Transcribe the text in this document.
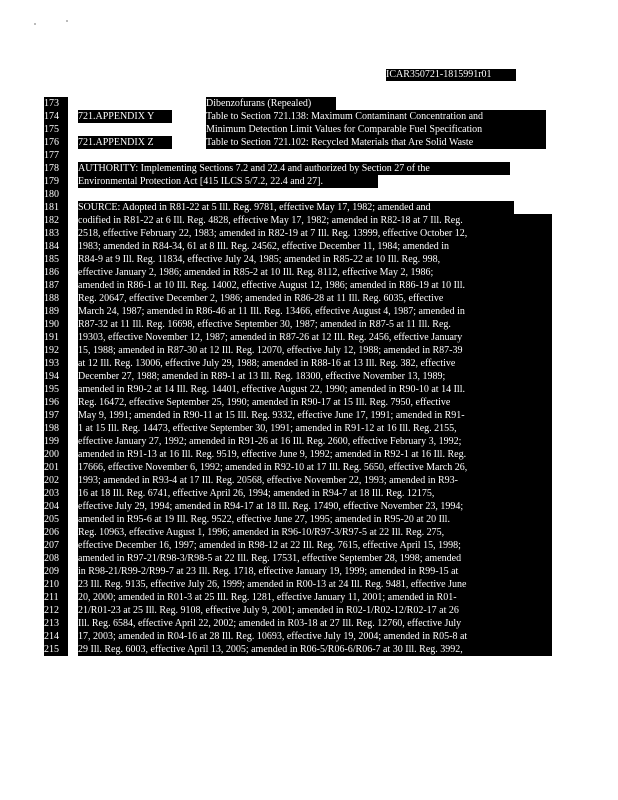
ICAR350721-1815991r01
173	Dibenzofurans (Repealed)
174	721.APPENDIX Y	Table to Section 721.138: Maximum Contaminant Concentration and
175	Minimum Detection Limit Values for Comparable Fuel Specification
176	721.APPENDIX Z	Table to Section 721.102: Recycled Materials that Are Solid Waste
177
180
178	AUTHORITY: Implementing Sections 7.2 and 22.4 and authorized by Section 27 of the
179	Environmental Protection Act [415 ILCS 5/7.2, 22.4 and 27].
181	SOURCE: Adopted in R81-22 at 5 Ill. Reg. 9781, effective May 17, 1982; amended and
182	codified in R81-22 at 6 Ill. Reg. 4828, effective May 17, 1982; amended in R82-18 at 7 Ill. Reg.
183	2518, effective February 22, 1983; amended in R82-19 at 7 Ill. Reg. 13999, effective October 12,
184	1983; amended in R84-34, 61 at 8 Ill. Reg. 24562, effective December 11, 1984; amended in
185	R84-9 at 9 Ill. Reg. 11834, effective July 24, 1985; amended in R85-22 at 10 Ill. Reg. 998,
186	effective January 2, 1986; amended in R85-2 at 10 Ill. Reg. 8112, effective May 2, 1986;
187	amended in R86-1 at 10 Ill. Reg. 14002, effective August 12, 1986; amended in R86-19 at 10 Ill.
188	Reg. 20647, effective December 2, 1986; amended in R86-28 at 11 Ill. Reg. 6035, effective
189	March 24, 1987; amended in R86-46 at 11 Ill. Reg. 13466, effective August 4, 1987; amended in
190	R87-32 at 11 Ill. Reg. 16698, effective September 30, 1987; amended in R87-5 at 11 Ill. Reg.
191	19303, effective November 12, 1987; amended in R87-26 at 12 Ill. Reg. 2456, effective January
192	15, 1988; amended in R87-30 at 12 Ill. Reg. 12070, effective July 12, 1988; amended in R87-39
193	at 12 Ill. Reg. 13006, effective July 29, 1988; amended in R88-16 at 13 Ill. Reg. 382, effective
194	December 27, 1988; amended in R89-1 at 13 Ill. Reg. 18300, effective November 13, 1989;
195	amended in R90-2 at 14 Ill. Reg. 14401, effective August 22, 1990; amended in R90-10 at 14 Ill.
196	Reg. 16472, effective September 25, 1990; amended in R90-17 at 15 Ill. Reg. 7950, effective
197	May 9, 1991; amended in R90-11 at 15 Ill. Reg. 9332, effective June 17, 1991; amended in R91-
198	1 at 15 Ill. Reg. 14473, effective September 30, 1991; amended in R91-12 at 16 Ill. Reg. 2155,
199	effective January 27, 1992; amended in R91-26 at 16 Ill. Reg. 2600, effective February 3, 1992;
200	amended in R91-13 at 16 Ill. Reg. 9519, effective June 9, 1992; amended in R92-1 at 16 Ill. Reg.
201	17666, effective November 6, 1992; amended in R92-10 at 17 Ill. Reg. 5650, effective March 26,
202	1993; amended in R93-4 at 17 Ill. Reg. 20568, effective November 22, 1993; amended in R93-
203	16 at 18 Ill. Reg. 6741, effective April 26, 1994; amended in R94-7 at 18 Ill. Reg. 12175,
204	effective July 29, 1994; amended in R94-17 at 18 Ill. Reg. 17490, effective November 23, 1994;
205	amended in R95-6 at 19 Ill. Reg. 9522, effective June 27, 1995; amended in R95-20 at 20 Ill.
206	Reg. 10963, effective August 1, 1996; amended in R96-10/R97-3/R97-5 at 22 Ill. Reg. 275,
207	effective December 16, 1997; amended in R98-12 at 22 Ill. Reg. 7615, effective April 15, 1998;
208	amended in R97-21/R98-3/R98-5 at 22 Ill. Reg. 17531, effective September 28, 1998; amended
209	in R98-21/R99-2/R99-7 at 23 Ill. Reg. 1718, effective January 19, 1999; amended in R99-15 at
210	23 Ill. Reg. 9135, effective July 26, 1999; amended in R00-13 at 24 Ill. Reg. 9481, effective June
211	20, 2000; amended in R01-3 at 25 Ill. Reg. 1281, effective January 11, 2001; amended in R01-
212	21/R01-23 at 25 Ill. Reg. 9108, effective July 9, 2001; amended in R02-1/R02-12/R02-17 at 26
213	Ill. Reg. 6584, effective April 22, 2002; amended in R03-18 at 27 Ill. Reg. 12760, effective July
214	17, 2003; amended in R04-16 at 28 Ill. Reg. 10693, effective July 19, 2004; amended in R05-8 at
215	29 Ill. Reg. 6003, effective April 13, 2005; amended in R06-5/R06-6/R06-7 at 30 Ill. Reg. 3992,
